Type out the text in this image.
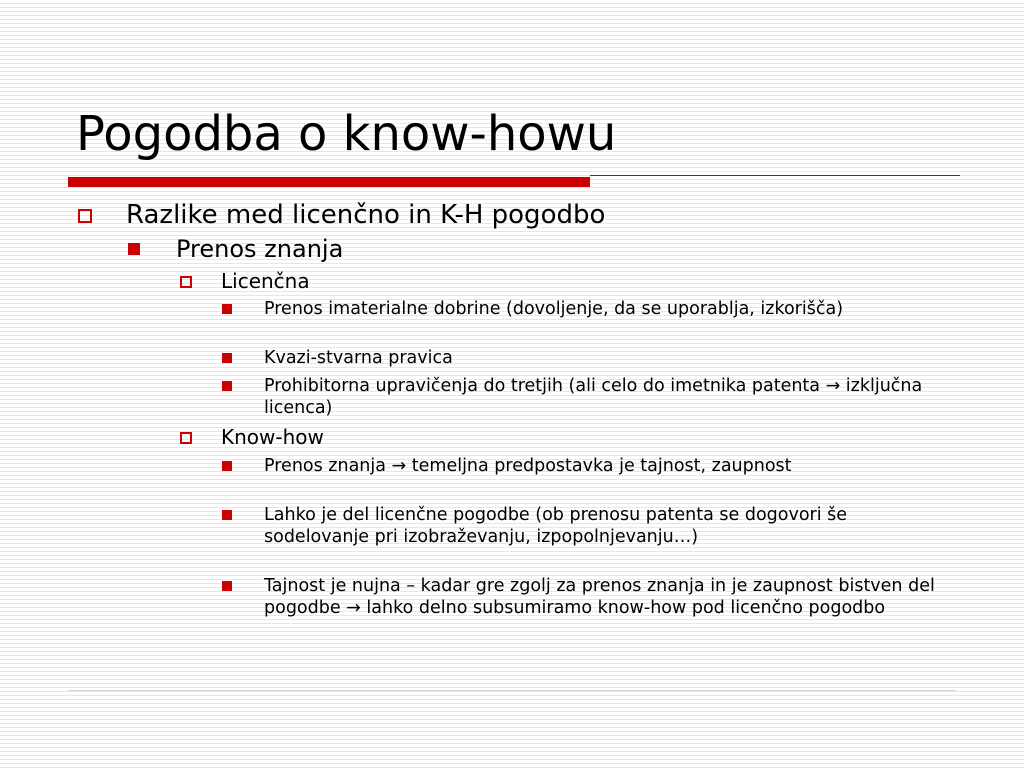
Pogodba o know-howu
Razlike med licenčno in K-H pogodbo
Prenos znanja
Licenčna
Prenos imaterialne dobrine (dovoljenje, da se uporablja, izkorišča)
Kvazi-stvarna pravica
Prohibitorna upravičenja do tretjih (ali celo do imetnika patenta → izključna licenca)
Know-how
Prenos znanja → temeljna predpostavka je tajnost, zaupnost
Lahko je del licenčne pogodbe (ob prenosu patenta se dogovori še sodelovanje pri izobraževanju, izpopolnjevanju…)
Tajnost je nujna – kadar gre zgolj za prenos znanja in je zaupnost bistven del pogodbe → lahko delno subsumiramo know-how pod licenčno pogodbo
